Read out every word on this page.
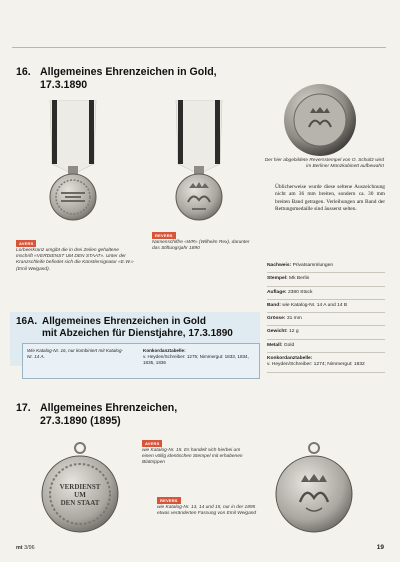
16. Allgemeines Ehrenzeichen in Gold,
17.3.1890
AVERS
Lorbeerkranz umgibt die in drei Zeilen gehaltene Inschrift «VERDIENST UM DEN STAAT». Unter der Kranzschleife befindet sich die Künstlersignatur «E.W.» (Emil Weigand).
REVERS
Namenschiffre «WR» (Wilhelm Rex), darunter das Stiftungsjahr 1890
Der hier abgebildete Reversstempel von O. Schultz wird im Berliner Münzkabinett aufbewahrt
Üblicherweise wurde diese seltene Auszeichnung nicht am 36 mm breiten, sondern ca. 30 mm breiten Band getragen. Verleihungen am Band der Rettungsmedaille sind äusserst selten.
Nachweis: Privatsammlungen
Stempel: Mk Berlin
Auflage: 2380 Stück
Band: wie Katalog-Nr. 14 A und 14 B
Grösse: 31 mm
Gewicht: 12 g
Metall: Gold
Konkordanztabelle:
v. Heyden/Schreiber: 1274; Nimmergut: 1832
16A. Allgemeines Ehrenzeichen in Gold
mit Abzeichen für Dienstjahre, 17.3.1890
Wie Katalog-Nr. 16, nur kombiniert mit Katalog-Nr. 14 A.
Konkordanztabelle:
v. Heyden/Schreiber: 1275; Nimmergut: 1833, 1834, 1835, 1836
17. Allgemeines Ehrenzeichen,
27.3.1890 (1895)
VERDIENST
UM
DEN STAAT
AVERS
wie Katalog-Nr. 15. Es handelt sich hierbei um einen völlig identischen Stempel mit erhabenen Blattrippen
REVERS
wie Katalog-Nr. 13, 14 und 15, nur in der 1895 etwas veränderten Fassung von Emil Weigand
mt 3/96	19
